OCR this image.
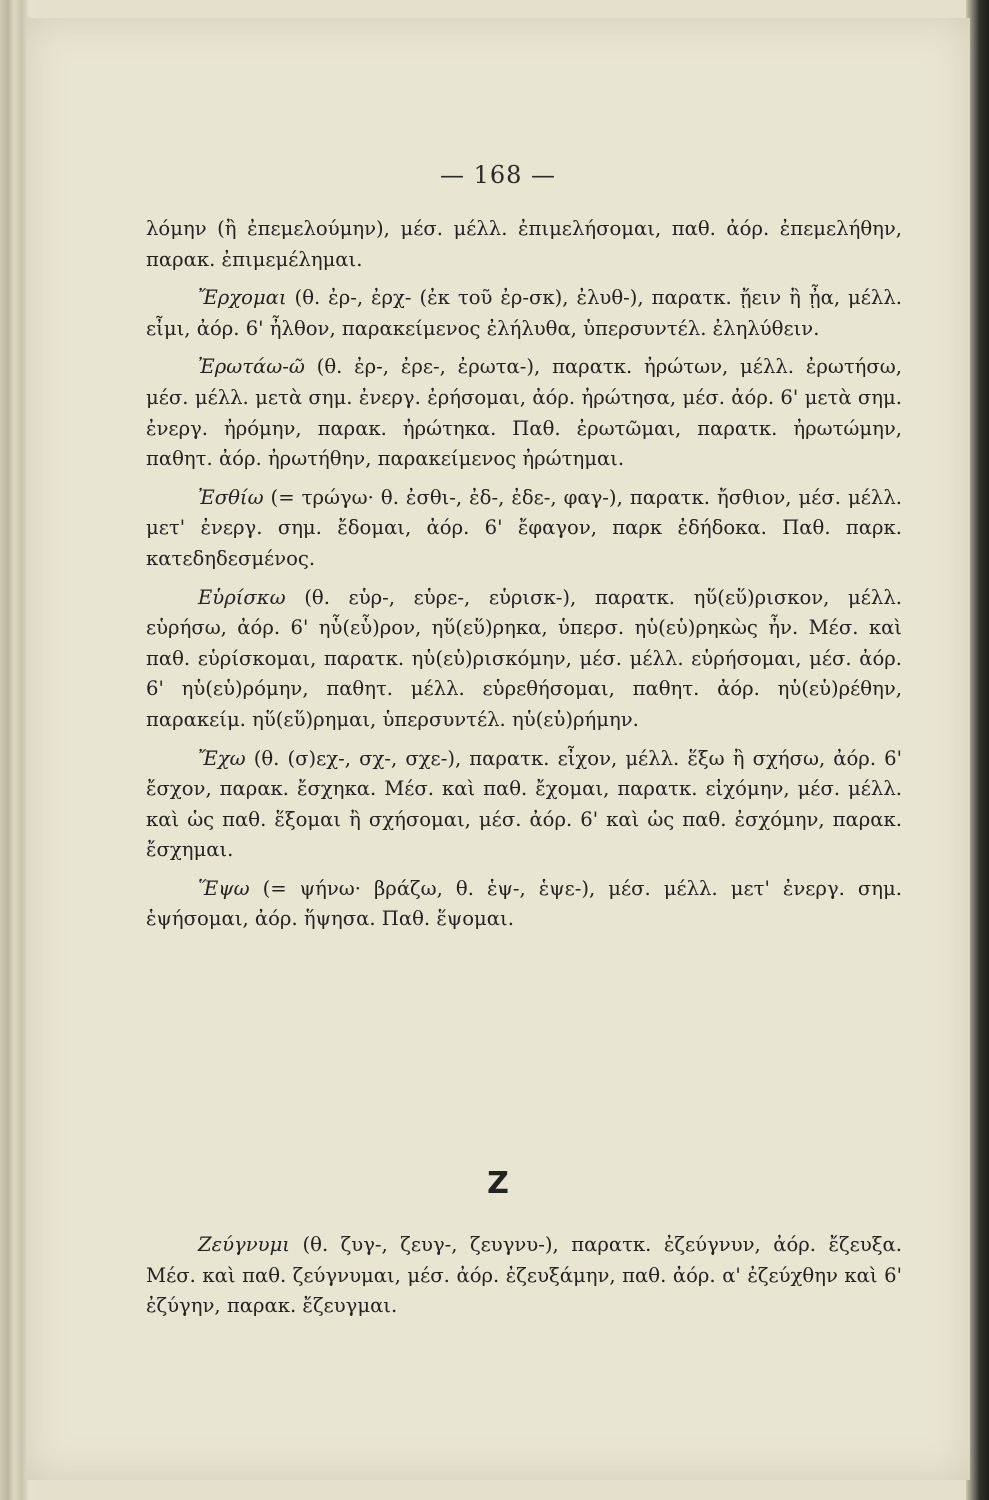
— 168 —

λόμην (ἢ ἐπεμελούμην), μέσ. μέλλ. ἐπιμελήσομαι, παθ. ἀόρ. ἐπεμελήθην, παρακ. ἐπιμεμέλημαι.

Ἔρχομαι (θ. ἐρ-, ἐρχ- (ἐκ τοῦ ἐρ-σκ), ἐλυθ-), παρατκ. ᾔειν ἢ ᾖα, μέλλ. εἶμι, ἀόρ. 6' ἦλθον, παρακείμενος ἐλήλυθα, ὑπερσυντέλ. ἐληλύθειν.

Ἐρωτάω-ῶ (θ. ἐρ-, ἐρε-, ἐρωτα-), παρατκ. ἠρώτων, μέλλ. ἐρωτήσω, μέσ. μέλλ. μετὰ σημ. ἐνεργ. ἐρήσομαι, ἀόρ. ἠρώτησα, μέσ. ἀόρ. 6' μετὰ σημ. ἐνεργ. ἠρόμην, παρακ. ἠρώτηκα. Παθ. ἐρωτῶμαι, παρατκ. ἠρωτώμην, παθητ. ἀόρ. ἠρωτήθην, παρακείμενος ἠρώτημαι.

Ἐσθίω (= τρώγω· θ. ἐσθι-, ἐδ-, ἐδε-, φαγ-), παρατκ. ἤσθιον, μέσ. μέλλ. μετ' ἐνεργ. σημ. ἔδομαι, ἀόρ. 6' ἔφαγον, παρκ ἐδήδοκα. Παθ. παρκ. κατεδηδεσμένος.

Εὑρίσκω (θ. εὑρ-, εὑρε-, εὑρισκ-), παρατκ. ηὕ(εὕ)ρισκον, μέλλ. εὑρήσω, ἀόρ. 6' ηὗ(εὗ)ρον, ηὕ(εὕ)ρηκα, ὑπερσ. ηὑ(εὑ)ρηκὼς ἦν. Μέσ. καὶ παθ. εὑρίσκομαι, παρατκ. ηὑ(εὑ)ρισκόμην, μέσ. μέλλ. εὑρήσομαι, μέσ. ἀόρ. 6' ηὑ(εὑ)ρόμην, παθητ. μέλλ. εὑρεθήσομαι, παθητ. ἀόρ. ηὑ(εὑ)ρέθην, παρακείμ. ηὕ(εὕ)ρημαι, ὑπερσυντέλ. ηὑ(εὑ)ρήμην.

Ἔχω (θ. (σ)εχ-, σχ-, σχε-), παρατκ. εἶχον, μέλλ. ἕξω ἢ σχήσω, ἀόρ. 6' ἔσχον, παρακ. ἔσχηκα. Μέσ. καὶ παθ. ἔχομαι, παρατκ. εἰχόμην, μέσ. μέλλ. καὶ ὡς παθ. ἕξομαι ἢ σχήσομαι, μέσ. ἀόρ. 6' καὶ ὡς παθ. ἐσχόμην, παρακ. ἔσχημαι.

Ἕψω (= ψήνω· βράζω, θ. ἑψ-, ἑψε-), μέσ. μέλλ. μετ' ἐνεργ. σημ. ἑψήσομαι, ἀόρ. ἥψησα. Παθ. ἕψομαι.

Ζ

Ζεύγνυμι (θ. ζυγ-, ζευγ-, ζευγνυ-), παρατκ. ἐζεύγνυν, ἀόρ. ἔζευξα. Μέσ. καὶ παθ. ζεύγνυμαι, μέσ. ἀόρ. ἐζευξάμην, παθ. ἀόρ. α' ἐζεύχθην καὶ 6' ἐζύγην, παρακ. ἔζευγμαι.
